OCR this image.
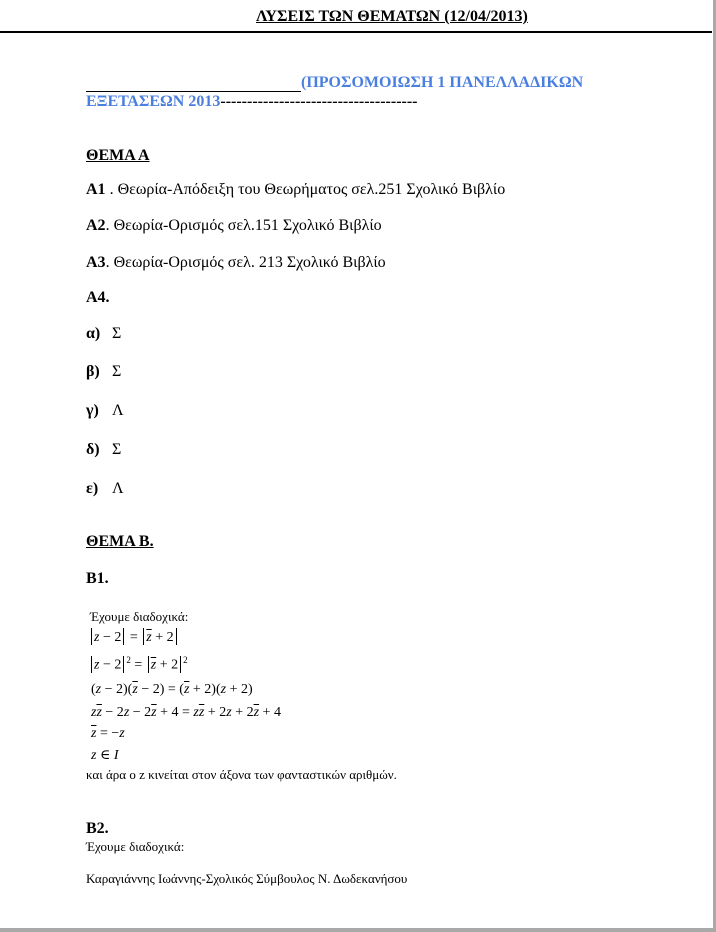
ΛΥΣΕΙΣ ΤΩΝ ΘΕΜΑΤΩΝ (12/04/2013)
(ΠΡΟΣΟΜΟΙΩΣΗ 1 ΠΑΝΕΛΛΑΔΙΚΩΝ
ΕΞΕΤΑΣΕΩΝ 2013-------------------------------------
ΘΕΜΑ Α
Α1 . Θεωρία-Απόδειξη του Θεωρήματος σελ.251 Σχολικό Βιβλίο
Α2. Θεωρία-Ορισμός σελ.151 Σχολικό Βιβλίο
Α3. Θεωρία-Ορισμός σελ. 213 Σχολικό Βιβλίο
Α4.
α) Σ
β) Σ
γ) Λ
δ) Σ
ε) Λ
ΘΕΜΑ Β.
Β1.
Έχουμε διαδοχικά:
$z - 2 = \overline{z} + 2$
z − 2 $^2 = \overline{z} + 2$ $^2$
$(z - 2)(\overline{z} - 2) = (\overline{z} + 2)(z + 2)$
$z\overline{z} - 2z - 2\overline{z} + 4 = z\overline{z} + 2z + 2\overline{z} + 4$
$\overline{z} = -z$
z ∈ I
και άρα ο z κινείται στον άξονα των φανταστικών αριθμών.
Β2.
Έχουμε διαδοχικά:
Καραγιάννης Ιωάννης-Σχολικός Σύμβουλος Ν. Δωδεκανήσου
